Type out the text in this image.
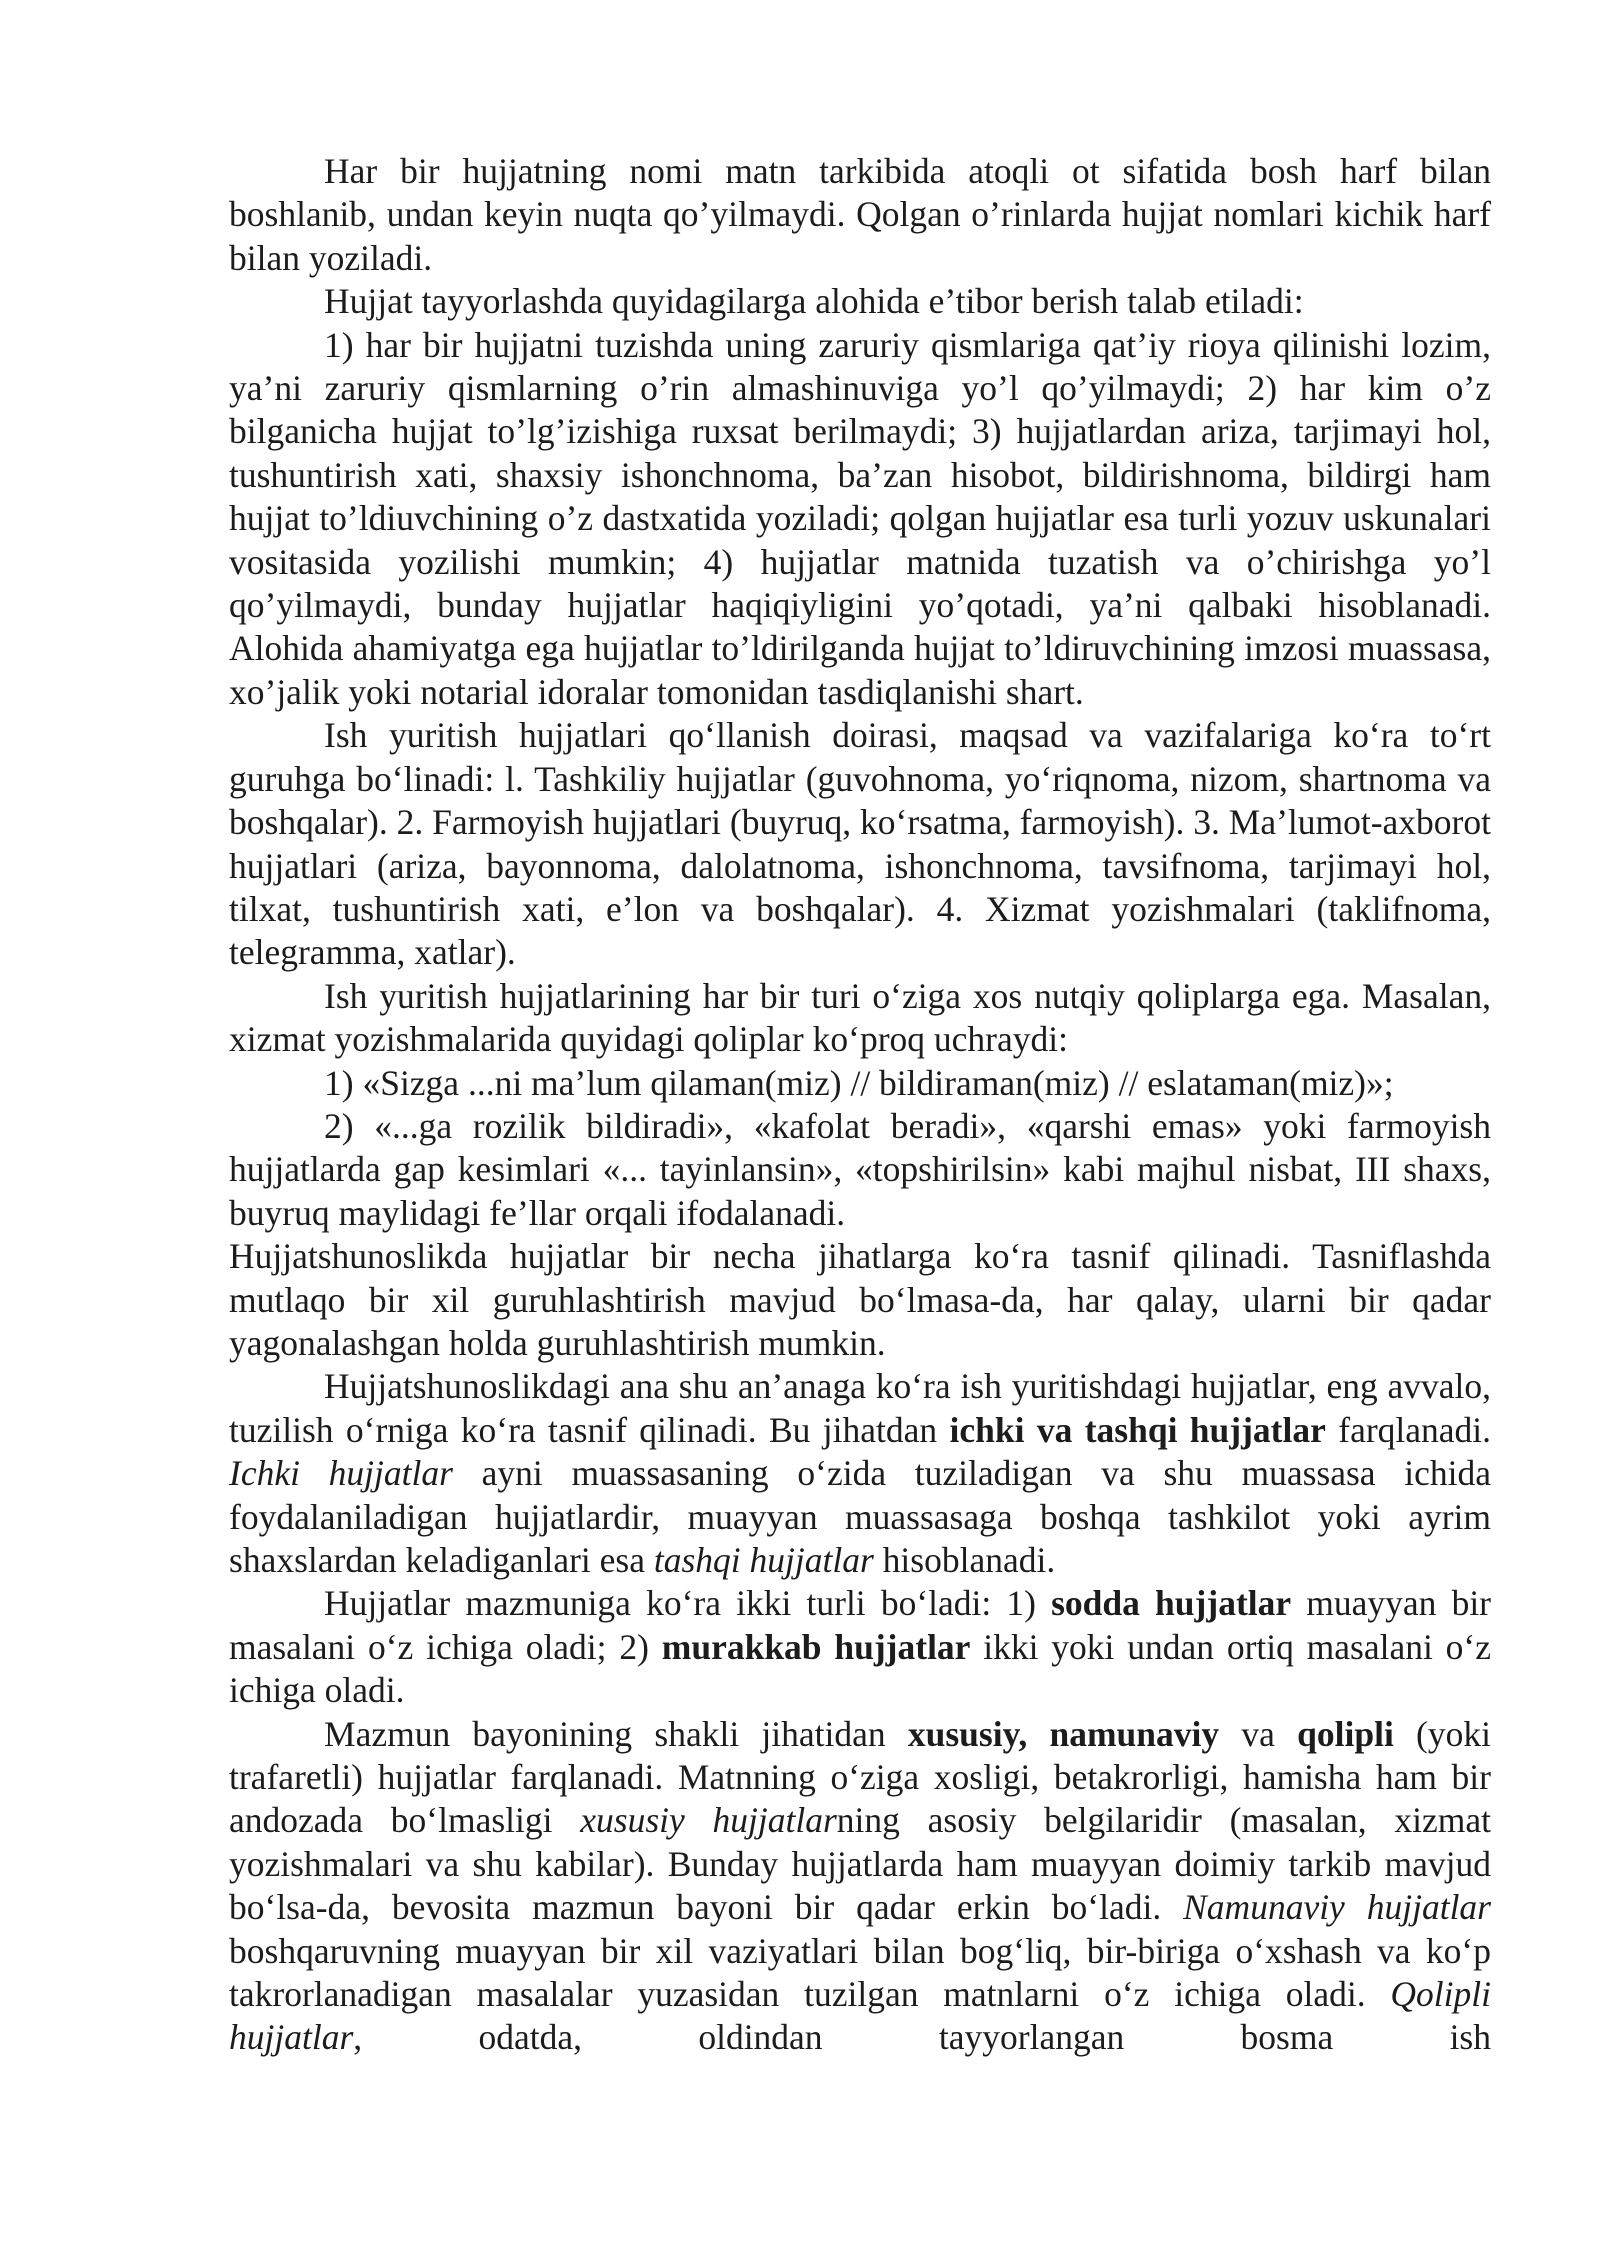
Har bir hujjatning nomi matn tarkibida atoqli ot sifatida bosh harf bilan boshlanib, undan keyin nuqta qo’yilmaydi. Qolgan o’rinlarda hujjat nomlari kichik harf bilan yoziladi.

Hujjat tayyorlashda quyidagilarga alohida e’tibor berish talab etiladi:

1) har bir hujjatni tuzishda uning zaruriy qismlariga qat’iy rioya qilinishi lozim, ya’ni zaruriy qismlarning o’rin almashinuviga yo’l qo’yilmaydi; 2) har kim o’z bilganicha hujjat to’lg’izishiga ruxsat berilmaydi; 3) hujjatlardan ariza, tarjimayi hol, tushuntirish xati, shaxsiy ishonchnoma, ba’zan hisobot, bildirishnoma, bildirgi ham hujjat to’ldiuvchining o’z dastxatida yoziladi; qolgan hujjatlar esa turli yozuv uskunalari vositasida yozilishi mumkin; 4) hujjatlar matnida tuzatish va o’chirishga yo’l qo’yilmaydi, bunday hujjatlar haqiqiyligini yo’qotadi, ya’ni qalbaki hisoblanadi. Alohida ahamiyatga ega hujjatlar to’ldirilganda hujjat to’ldiruvchining imzosi muassasa, xo’jalik yoki notarial idoralar tomonidan tasdiqlanishi shart.

Ish yuritish hujjatlari qo‘llanish doirasi, maqsad va vazifalariga ko‘ra to‘rt guruhga bo‘linadi: l. Tashkiliy hujjatlar (guvohnoma, yo‘riqnoma, nizom, shartnoma va boshqalar). 2. Farmoyish hujjatlari (buyruq, ko‘rsatma, farmoyish). 3. Ma’lumot-axborot hujjatlari (ariza, bayonnoma, dalolatnoma, ishonchnoma, tavsifnoma, tarjimayi hol, tilxat, tushuntirish xati, e’lon va boshqalar). 4. Xizmat yozishmalari (taklifnoma, telegramma, xatlar).

Ish yuritish hujjatlarining har bir turi o‘ziga xos nutqiy qoliplarga ega. Masalan, xizmat yozishmalarida quyidagi qoliplar ko‘proq uchraydi:

1) «Sizga ...ni ma’lum qilaman(miz) // bildiraman(miz) // eslataman(miz)»;

2) «...ga rozilik bildiradi», «kafolat beradi», «qarshi emas» yoki farmoyish hujjatlarda gap kesimlari «... tayinlansin», «topshirilsin» kabi majhul nisbat, III shaxs, buyruq maylidagi fe’llar orqali ifodalanadi.

Hujjatshunoslikda hujjatlar bir necha jihatlarga ko‘ra tasnif qilinadi. Tasniflashda mutlaqo bir xil guruhlashtirish mavjud bo‘lmasa-da, har qalay, ularni bir qadar yagonalashgan holda guruhlashtirish mumkin.

Hujjatshunoslikdagi ana shu an’anaga ko‘ra ish yuritishdagi hujjatlar, eng avvalo, tuzilish o‘rniga ko‘ra tasnif qilinadi. Bu jihatdan ichki va tashqi hujjatlar farqlanadi. Ichki hujjatlar ayni muassasaning o‘zida tuziladigan va shu muassasa ichida foydalaniladigan hujjatlardir, muayyan muassasaga boshqa tashkilot yoki ayrim shaxslardan keladiganlari esa tashqi hujjatlar hisoblanadi.

Hujjatlar mazmuniga ko‘ra ikki turli bo‘ladi: 1) sodda hujjatlar muayyan bir masalani o‘z ichiga oladi; 2) murakkab hujjatlar ikki yoki undan ortiq masalani o‘z ichiga oladi.

Mazmun bayonining shakli jihatidan xususiy, namunaviy va qolipli (yoki trafaretli) hujjatlar farqlanadi. Matnning o‘ziga xosligi, betakrorligi, hamisha ham bir andozada bo‘lmasligi xususiy hujjatlarning asosiy belgilaridir (masalan, xizmat yozishmalari va shu kabilar). Bunday hujjatlarda ham muayyan doimiy tarkib mavjud bo‘lsa-da, bevosita mazmun bayoni bir qadar erkin bo‘ladi. Namunaviy hujjatlar boshqaruvning muayyan bir xil vaziyatlari bilan bog‘liq, bir-biriga o‘xshash va ko‘p takrorlanadigan masalalar yuzasidan tuzilgan matnlarni o‘z ichiga oladi. Qolipli hujjatlar, odatda, oldindan tayyorlangan bosma ish
